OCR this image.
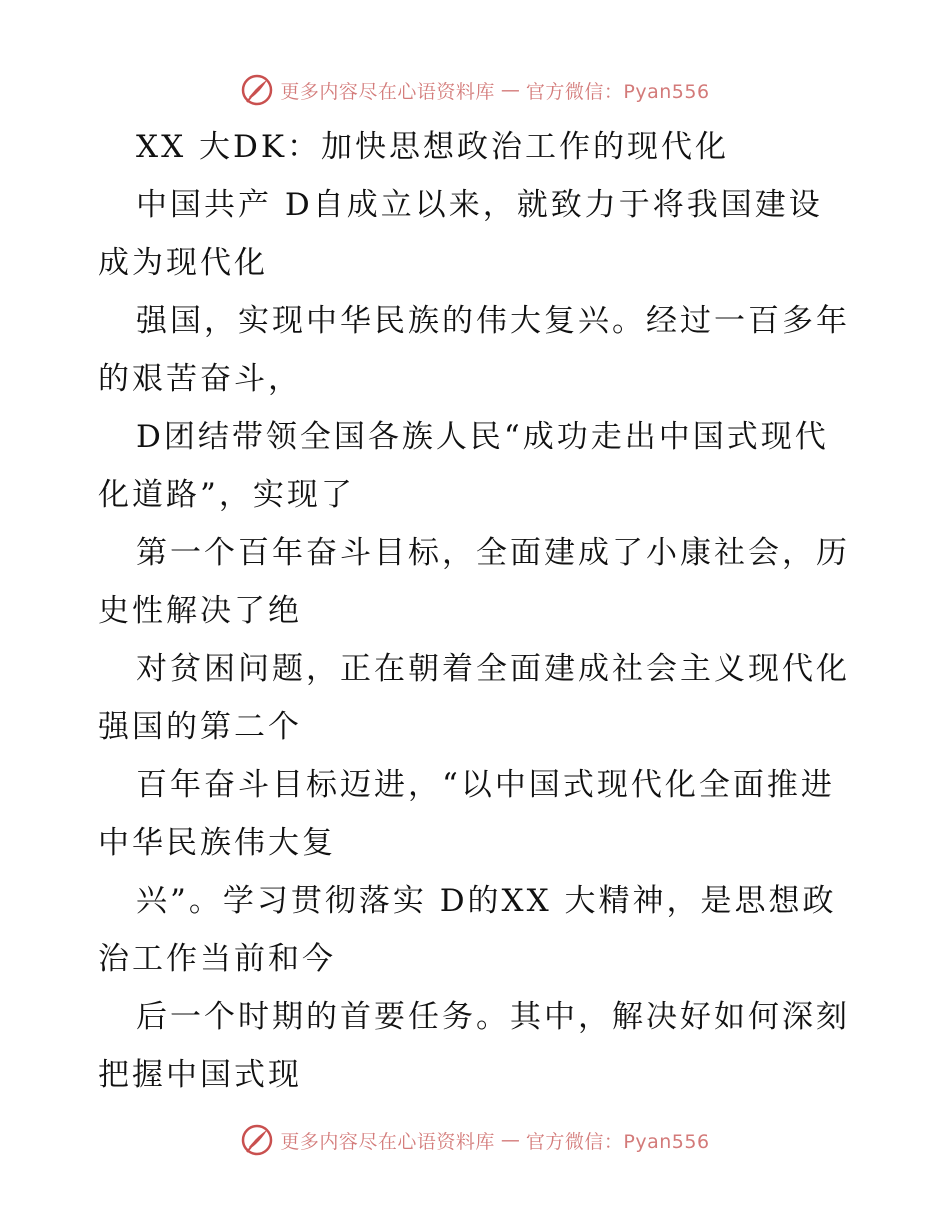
更多内容尽在心语资料库 — 官方微信：Pyan556
XX 大DK：加快思想政治工作的现代化
中国共产 D自成立以来，就致力于将我国建设
成为现代化
强国，实现中华民族的伟大复兴。经过一百多年
的艰苦奋斗，
D团结带领全国各族人民“成功走出中国式现代
化道路”，实现了
第一个百年奋斗目标，全面建成了小康社会，历
史性解决了绝
对贫困问题，正在朝着全面建成社会主义现代化
强国的第二个
百年奋斗目标迈进，“以中国式现代化全面推进
中华民族伟大复
兴”。学习贯彻落实 D的XX 大精神，是思想政
治工作当前和今
后一个时期的首要任务。其中，解决好如何深刻
把握中国式现
更多内容尽在心语资料库 — 官方微信：Pyan556
